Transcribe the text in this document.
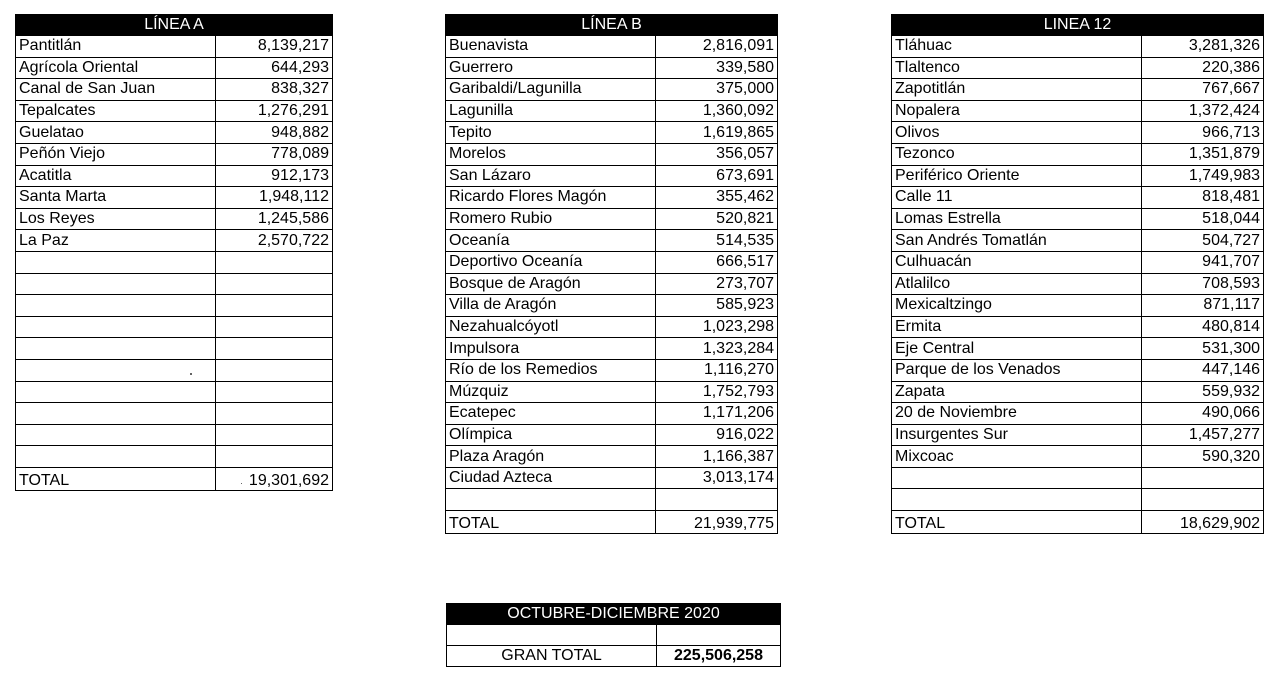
LÍNEA A	
Pantitlán	8,139,217
Agrícola Oriental	644,293
Canal de San Juan	838,327
Tepalcates	1,276,291
Guelatao	948,882
Peñón Viejo	778,089
Acatitla	912,173
Santa Marta	1,948,112
Los Reyes	1,245,586
La Paz	2,570,722

TOTAL	19,301,692
LÍNEA B	
Buenavista	2,816,091
Guerrero	339,580
Garibaldi/Lagunilla	375,000
Lagunilla	1,360,092
Tepito	1,619,865
Morelos	356,057
San Lázaro	673,691
Ricardo Flores Magón	355,462
Romero Rubio	520,821
Oceanía	514,535
Deportivo Oceanía	666,517
Bosque de Aragón	273,707
Villa de Aragón	585,923
Nezahualcóyotl	1,023,298
Impulsora	1,323,284
Río de los Remedios	1,116,270
Múzquiz	1,752,793
Ecatepec	1,171,206
Olímpica	916,022
Plaza Aragón	1,166,387
Ciudad Azteca	3,013,174

TOTAL	21,939,775
LINEA 12	
Tláhuac	3,281,326
Tlaltenco	220,386
Zapotitlán	767,667
Nopalera	1,372,424
Olivos	966,713
Tezonco	1,351,879
Periférico Oriente	1,749,983
Calle 11	818,481
Lomas Estrella	518,044
San Andrés Tomatlán	504,727
Culhuacán	941,707
Atlalilco	708,593
Mexicaltzingo	871,117
Ermita	480,814
Eje Central	531,300
Parque de los Venados	447,146
Zapata	559,932
20 de Noviembre	490,066
Insurgentes Sur	1,457,277
Mixcoac	590,320

TOTAL	18,629,902
OCTUBRE-DICIEMBRE 2020	

GRAN TOTAL	225,506,258
